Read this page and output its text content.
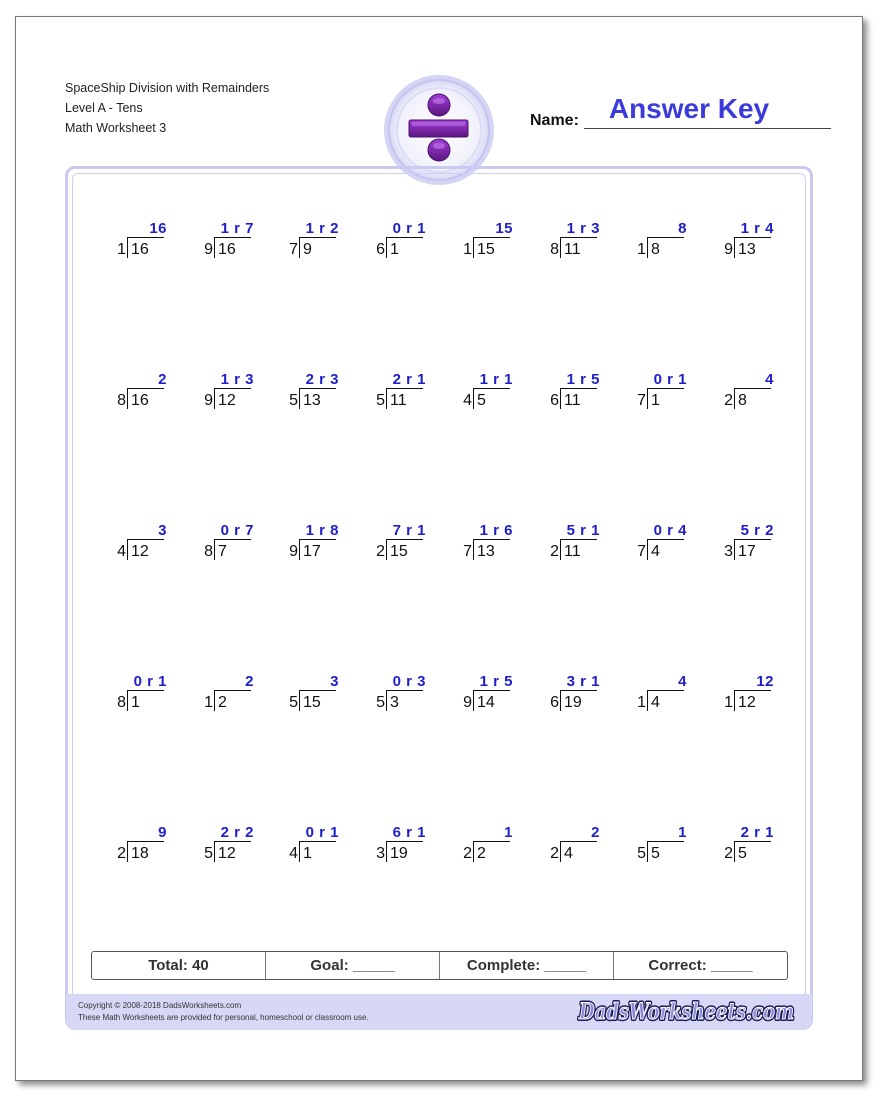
SpaceShip Division with Remainders
Level A - Tens
Math Worksheet 3
Answer Key
Name:
16
1 16
1 r 7
9 16
1 r 2
7 9
0 r 1
6 1
15
1 15
1 r 3
8 11
8
1 8
1 r 4
9 13
2
8 16
1 r 3
9 12
2 r 3
5 13
2 r 1
5 11
1 r 1
4 5
1 r 5
6 11
0 r 1
7 1
4
2 8
3
4 12
0 r 7
8 7
1 r 8
9 17
7 r 1
2 15
1 r 6
7 13
5 r 1
2 11
0 r 4
7 4
5 r 2
3 17
0 r 1
8 1
2
1 2
3
5 15
0 r 3
5 3
1 r 5
9 14
3 r 1
6 19
4
1 4
12
1 12
9
2 18
2 r 2
5 12
0 r 1
4 1
6 r 1
3 19
1
2 2
2
2 4
1
5 5
2 r 1
2 5
Total: 40	Goal: _____	Complete: _____	Correct: _____
Copyright © 2008-2018 DadsWorksheets.com
These Math Worksheets are provided for personal, homeschool or classroom use.	DadsWorksheets.com
DadsWorksheets.com
